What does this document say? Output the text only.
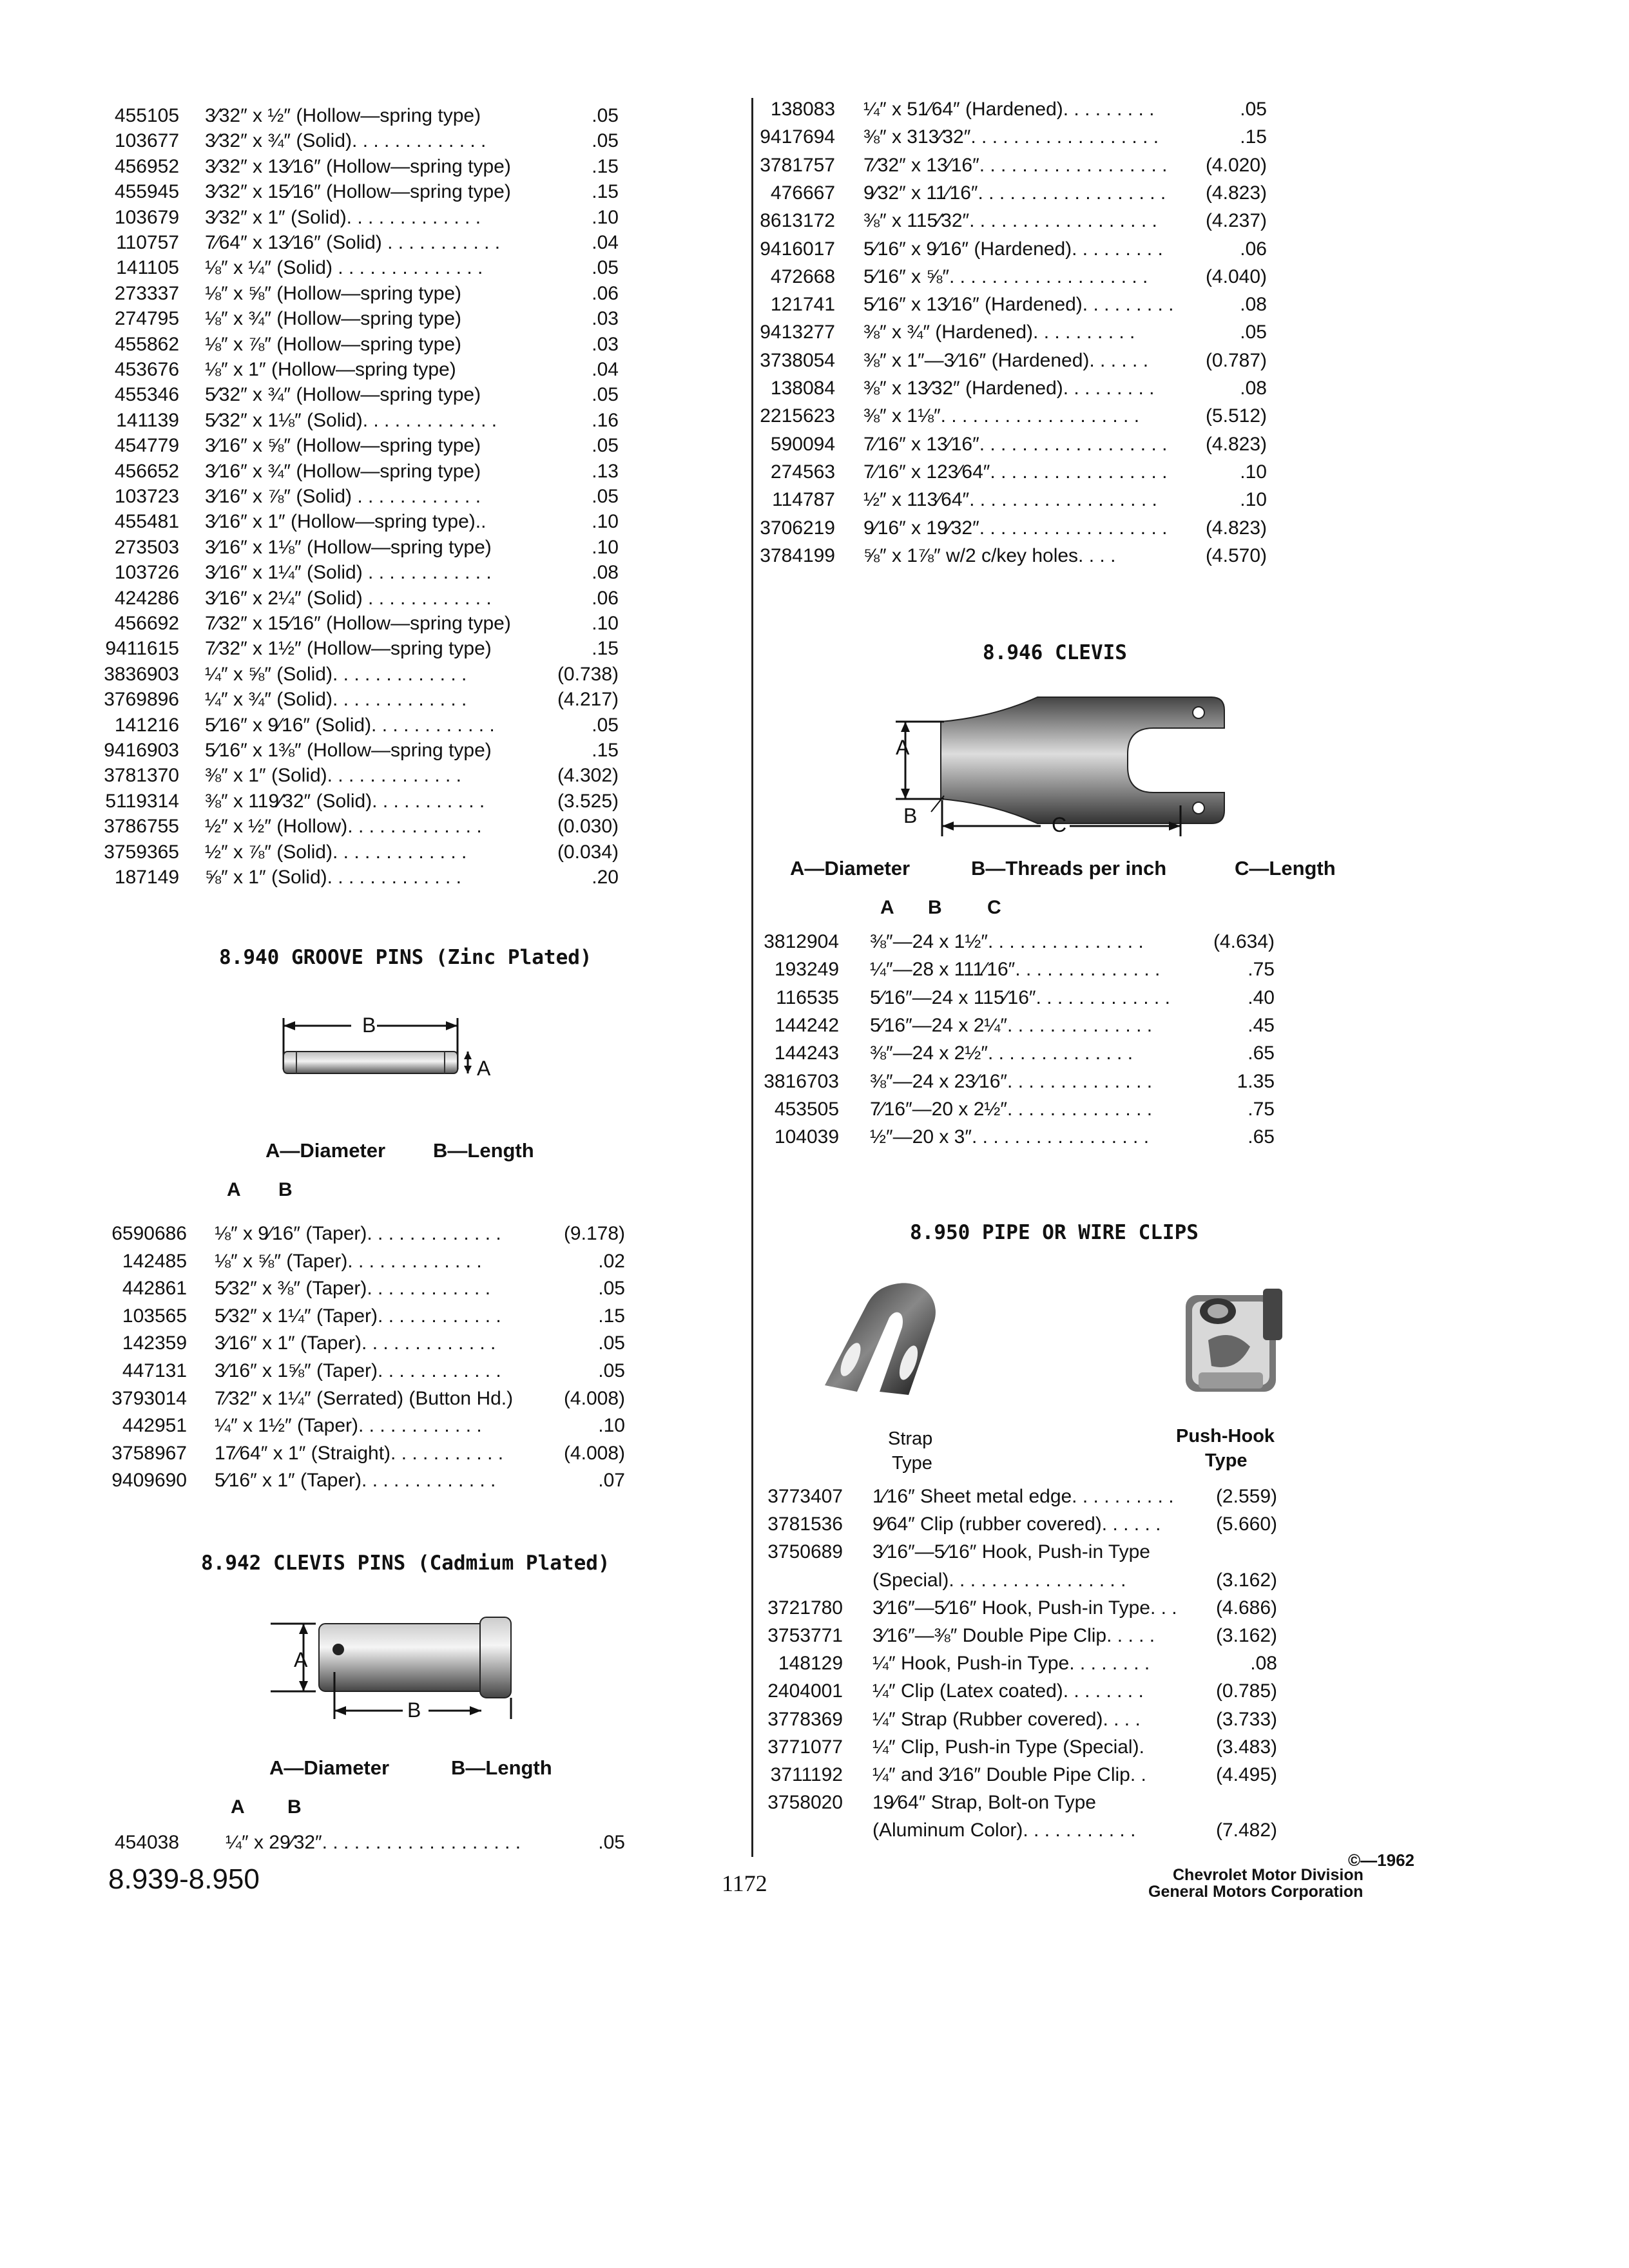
455105 3⁄32″ x ½″ (Hollow—spring type)	.05
103677 3⁄32″ x ¾″ (Solid). . . . . . . . . . . . .	.05
456952 3⁄32″ x 13⁄16″ (Hollow—spring type)	.15
455945 3⁄32″ x 15⁄16″ (Hollow—spring type)	.15
103679 3⁄32″ x 1″ (Solid). . . . . . . . . . . . .	.10
110757 7⁄64″ x 13⁄16″ (Solid) . . . . . . . . . . .	.04
141105 ⅛″ x ¼″ (Solid) . . . . . . . . . . . . . .	.05
273337 ⅛″ x ⅝″ (Hollow—spring type)	.06
274795 ⅛″ x ¾″ (Hollow—spring type)	.03
455862 ⅛″ x ⅞″ (Hollow—spring type)	.03
453676 ⅛″ x 1″ (Hollow—spring type)	.04
455346 5⁄32″ x ¾″ (Hollow—spring type)	.05
141139 5⁄32″ x 1⅛″ (Solid). . . . . . . . . . . . .	.16
454779 3⁄16″ x ⅝″ (Hollow—spring type)	.05
456652 3⁄16″ x ¾″ (Hollow—spring type)	.13
103723 3⁄16″ x ⅞″ (Solid) . . . . . . . . . . . .	.05
455481 3⁄16″ x 1″ (Hollow—spring type)..	.10
273503 3⁄16″ x 1⅛″ (Hollow—spring type)	.10
103726 3⁄16″ x 1¼″ (Solid) . . . . . . . . . . . .	.08
424286 3⁄16″ x 2¼″ (Solid) . . . . . . . . . . . .	.06
456692 7⁄32″ x 15⁄16″ (Hollow—spring type)	.10
9411615 7⁄32″ x 1½″ (Hollow—spring type)	.15
3836903 ¼″ x ⅝″ (Solid). . . . . . . . . . . . .	(0.738)
3769896 ¼″ x ¾″ (Solid). . . . . . . . . . . . .	(4.217)
141216 5⁄16″ x 9⁄16″ (Solid). . . . . . . . . . . .	.05
9416903 5⁄16″ x 1⅜″ (Hollow—spring type)	.15
3781370 ⅜″ x 1″ (Solid). . . . . . . . . . . . .	(4.302)
5119314 ⅜″ x 119⁄32″ (Solid). . . . . . . . . . .	(3.525)
3786755 ½″ x ½″ (Hollow). . . . . . . . . . . . .	(0.030)
3759365 ½″ x ⅞″ (Solid). . . . . . . . . . . . .	(0.034)
187149 ⅝″ x 1″ (Solid). . . . . . . . . . . . .	.20
8.940 GROOVE PINS (Zinc Plated)
B
A
A—Diameter B—Length
A B
6590686 ⅛″ x 9⁄16″ (Taper). . . . . . . . . . . . .	(9.178)
142485 ⅛″ x ⅝″ (Taper). . . . . . . . . . . . .	.02
442861 5⁄32″ x ⅜″ (Taper). . . . . . . . . . . .	.05
103565 5⁄32″ x 1¼″ (Taper). . . . . . . . . . . .	.15
142359 3⁄16″ x 1″ (Taper). . . . . . . . . . . . .	.05
447131 3⁄16″ x 1⅝″ (Taper). . . . . . . . . . . .	.05
3793014 7⁄32″ x 1¼″ (Serrated) (Button Hd.)	(4.008)
442951 ¼″ x 1½″ (Taper). . . . . . . . . . . .	.10
3758967 17⁄64″ x 1″ (Straight). . . . . . . . . . .	(4.008)
9409690 5⁄16″ x 1″ (Taper). . . . . . . . . . . . .	.07
8.942 CLEVIS PINS (Cadmium Plated)
A
B
A—Diameter	B—Length
A B
454038 ¼″ x 29⁄32″. . . . . . . . . . . . . . . . . . .	.05
138083 ¼″ x 51⁄64″ (Hardened). . . . . . . . .	.05
9417694 ⅜″ x 313⁄32″. . . . . . . . . . . . . . . . . .	.15
3781757 7⁄32″ x 13⁄16″. . . . . . . . . . . . . . . . . .	(4.020)
476667 9⁄32″ x 11⁄16″. . . . . . . . . . . . . . . . . .	(4.823)
8613172 ⅜″ x 115⁄32″. . . . . . . . . . . . . . . . . .	(4.237)
9416017 5⁄16″ x 9⁄16″ (Hardened). . . . . . . . .	.06
472668 5⁄16″ x ⅝″. . . . . . . . . . . . . . . . . . .	(4.040)
121741 5⁄16″ x 13⁄16″ (Hardened). . . . . . . . .	.08
9413277 ⅜″ x ¾″ (Hardened). . . . . . . . . .	.05
3738054 ⅜″ x 1″—3⁄16″ (Hardened). . . . . .	(0.787)
138084 ⅜″ x 13⁄32″ (Hardened). . . . . . . . .	.08
2215623 ⅜″ x 1⅛″. . . . . . . . . . . . . . . . . . .	(5.512)
590094 7⁄16″ x 13⁄16″. . . . . . . . . . . . . . . . . .	(4.823)
274563 7⁄16″ x 123⁄64″. . . . . . . . . . . . . . . . .	.10
114787 ½″ x 113⁄64″. . . . . . . . . . . . . . . . . .	.10
3706219 9⁄16″ x 19⁄32″. . . . . . . . . . . . . . . . . .	(4.823)
3784199 ⅝″ x 1⅞″ w/2 c/key holes. . . .	(4.570)
8.946 CLEVIS
A
B	C
A—Diameter	B—Threads per inch	C—Length
A B C
3812904 ⅜″—24 x 1½″. . . . . . . . . . . . . . .	(4.634)
193249 ¼″—28 x 111⁄16″. . . . . . . . . . . . . .	.75
116535 5⁄16″—24 x 115⁄16″. . . . . . . . . . . . .	.40
144242 5⁄16″—24 x 2¼″. . . . . . . . . . . . . .	.45
144243 ⅜″—24 x 2½″. . . . . . . . . . . . . .	.65
3816703 ⅜″—24 x 23⁄16″. . . . . . . . . . . . . .	1.35
453505 7⁄16″—20 x 2½″. . . . . . . . . . . . . .	.75
104039 ½″—20 x 3″. . . . . . . . . . . . . . . . .	.65
8.950 PIPE OR WIRE CLIPS
Strap
Type
Push-Hook
Type
3773407 1⁄16″ Sheet metal edge. . . . . . . . . .	(2.559)
3781536 9⁄64″ Clip (rubber covered). . . . . .	(5.660)
3750689 3⁄16″—5⁄16″ Hook, Push-in Type
(Special). . . . . . . . . . . . . . . . .	(3.162)
3721780 3⁄16″—5⁄16″ Hook, Push-in Type. . .	(4.686)
3753771 3⁄16″—⅜″ Double Pipe Clip. . . . .	(3.162)
148129 ¼″ Hook, Push-in Type. . . . . . . .	.08
2404001 ¼″ Clip (Latex coated). . . . . . . .	(0.785)
3778369 ¼″ Strap (Rubber covered). . . .	(3.733)
3771077 ¼″ Clip, Push-in Type (Special).	(3.483)
3711192 ¼″ and 3⁄16″ Double Pipe Clip. .	(4.495)
3758020 19⁄64″ Strap, Bolt-on Type
(Aluminum Color). . . . . . . . . . .	(7.482)
8.939-8.950	1172
©—1962
Chevrolet Motor Division
General Motors Corporation
